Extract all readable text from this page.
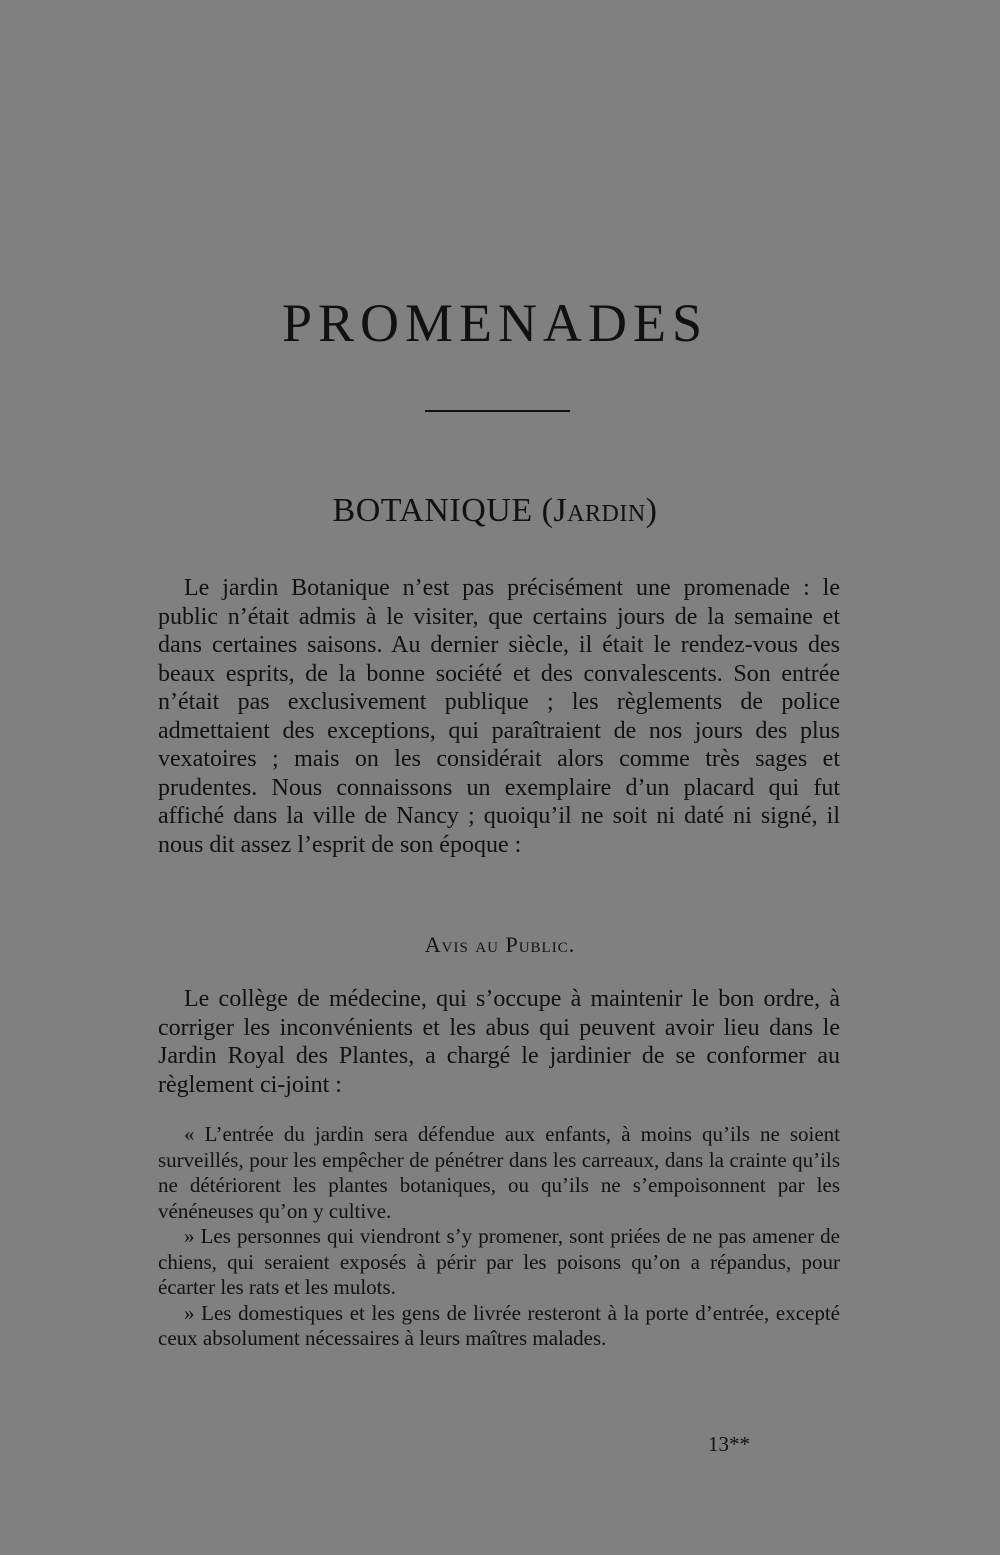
PROMENADES
BOTANIQUE (Jardin)

Le jardin Botanique n’est pas précisément une promenade : le public n’était admis à le visiter, que certains jours de la semaine et dans certaines saisons. Au dernier siècle, il était le rendez-vous des beaux esprits, de la bonne société et des convalescents. Son entrée n’était pas exclusivement publique ; les règlements de police admettaient des exceptions, qui paraîtraient de nos jours des plus vexatoires ; mais on les considérait alors comme très sages et prudentes. Nous connaissons un exemplaire d’un placard qui fut affiché dans la ville de Nancy ; quoiqu’il ne soit ni daté ni signé, il nous dit assez l’esprit de son époque :

Avis au Public.

Le collège de médecine, qui s’occupe à maintenir le bon ordre, à corriger les inconvénients et les abus qui peuvent avoir lieu dans le Jardin Royal des Plantes, a chargé le jardinier de se conformer au règlement ci-joint :

« L’entrée du jardin sera défendue aux enfants, à moins qu’ils ne soient surveillés, pour les empêcher de pénétrer dans les carreaux, dans la crainte qu’ils ne détériorent les plantes botaniques, ou qu’ils ne s’empoisonnent par les vénéneuses qu’on y cultive.

» Les personnes qui viendront s’y promener, sont priées de ne pas amener de chiens, qui seraient exposés à périr par les poisons qu’on a répandus, pour écarter les rats et les mulots.

» Les domestiques et les gens de livrée resteront à la porte d’entrée, excepté ceux absolument nécessaires à leurs maîtres malades.

13**
